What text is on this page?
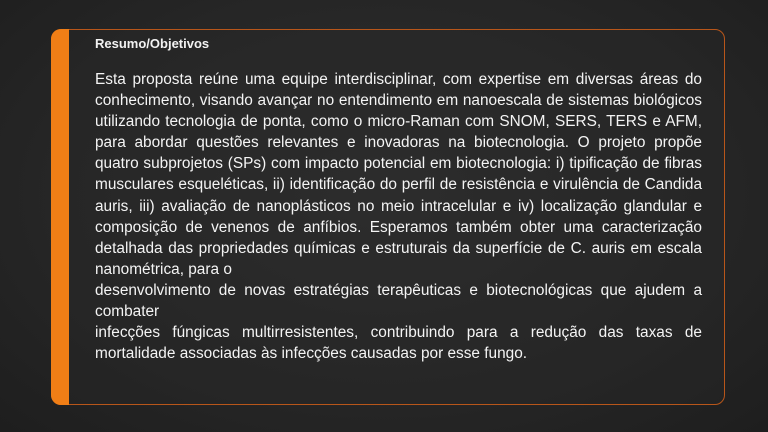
Resumo/Objetivos

Esta proposta reúne uma equipe interdisciplinar, com expertise em diversas áreas do conhecimento, visando avançar no entendimento em nanoescala de sistemas biológicos utilizando tecnologia de ponta, como o micro-Raman com SNOM, SERS, TERS e AFM, para abordar questões relevantes e inovadoras na biotecnologia. O projeto propõe quatro subprojetos (SPs) com impacto potencial em biotecnologia: i) tipificação de fibras musculares esqueléticas, ii) identificação do perfil de resistência e virulência de Candida auris, iii) avaliação de nanoplásticos no meio intracelular e iv) localização glandular e composição de venenos de anfíbios. Esperamos também obter uma caracterização detalhada das propriedades químicas e estruturais da superfície de C. auris em escala nanométrica, para o

desenvolvimento de novas estratégias terapêuticas e biotecnológicas que ajudem a combater

infecções fúngicas multirresistentes, contribuindo para a redução das taxas de mortalidade associadas às infecções causadas por esse fungo.
